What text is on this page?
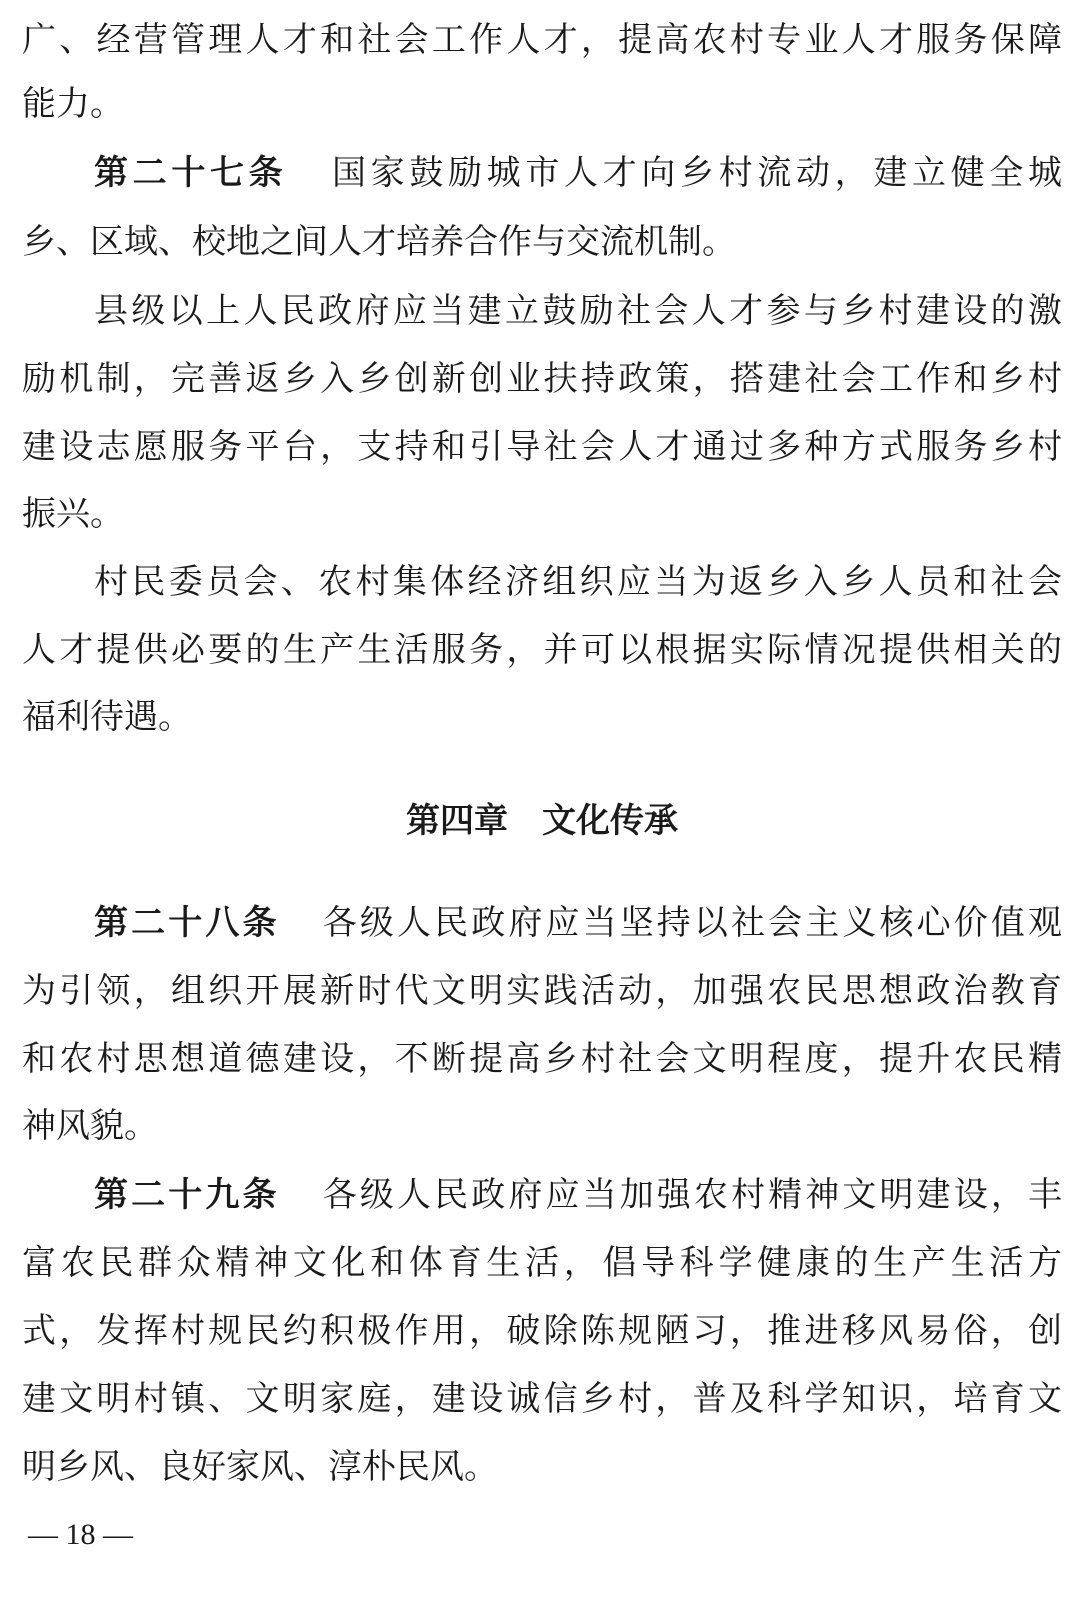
广、经营管理人才和社会工作人才，提高农村专业人才服务保障
能力。
第二十七条 国家鼓励城市人才向乡村流动，建立健全城
乡、区域、校地之间人才培养合作与交流机制。
县级以上人民政府应当建立鼓励社会人才参与乡村建设的激
励机制，完善返乡入乡创新创业扶持政策，搭建社会工作和乡村
建设志愿服务平台，支持和引导社会人才通过多种方式服务乡村
振兴。
村民委员会、农村集体经济组织应当为返乡入乡人员和社会
人才提供必要的生产生活服务，并可以根据实际情况提供相关的
福利待遇。
第四章　文化传承
第二十八条 各级人民政府应当坚持以社会主义核心价值观
为引领，组织开展新时代文明实践活动，加强农民思想政治教育
和农村思想道德建设，不断提高乡村社会文明程度，提升农民精
神风貌。
第二十九条 各级人民政府应当加强农村精神文明建设，丰
富农民群众精神文化和体育生活，倡导科学健康的生产生活方
式，发挥村规民约积极作用，破除陈规陋习，推进移风易俗，创
建文明村镇、文明家庭，建设诚信乡村，普及科学知识，培育文
明乡风、良好家风、淳朴民风。
— 18 —
